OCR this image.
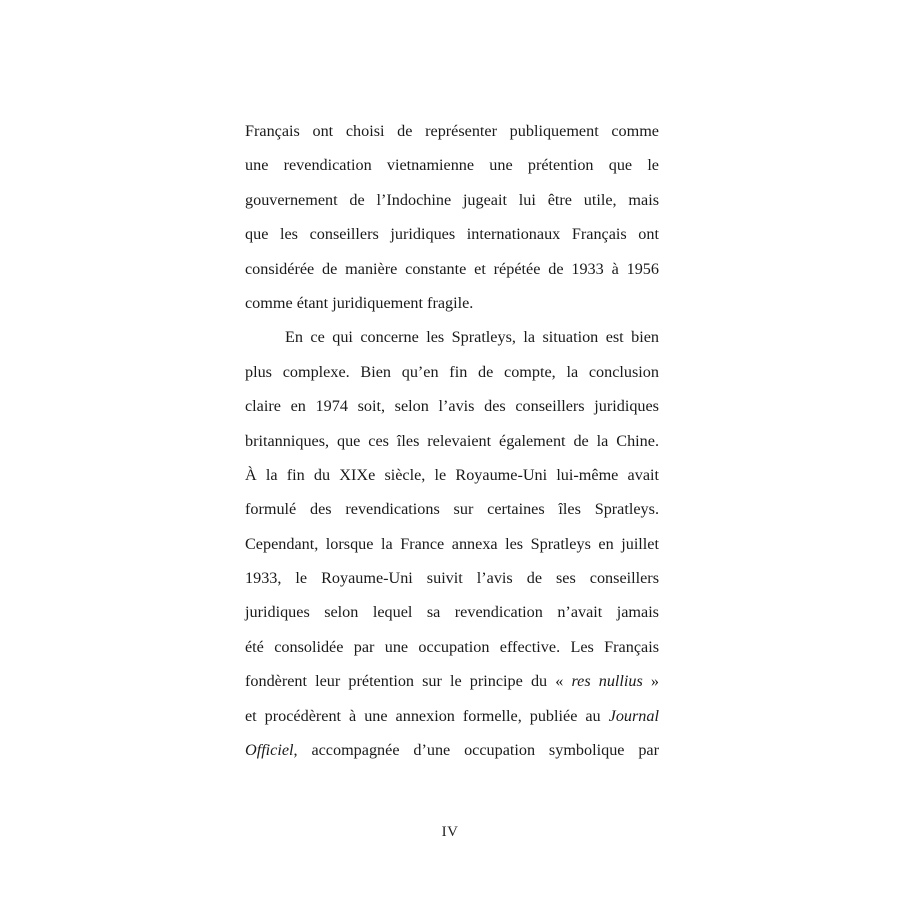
Français ont choisi de représenter publiquement comme
une revendication vietnamienne une prétention que le
gouvernement de l’Indochine jugeait lui être utile, mais
que les conseillers juridiques internationaux Français ont
considérée de manière constante et répétée de 1933 à 1956
comme étant juridiquement fragile.
En ce qui concerne les Spratleys, la situation est bien
plus complexe. Bien qu’en fin de compte, la conclusion
claire en 1974 soit, selon l’avis des conseillers juridiques
britanniques, que ces îles relevaient également de la Chine.
À la fin du XIXe siècle, le Royaume-Uni lui-même avait
formulé des revendications sur certaines îles Spratleys.
Cependant, lorsque la France annexa les Spratleys en juillet
1933, le Royaume-Uni suivit l’avis de ses conseillers
juridiques selon lequel sa revendication n’avait jamais
été consolidée par une occupation effective. Les Français
fondèrent leur prétention sur le principe du « res nullius »
et procédèrent à une annexion formelle, publiée au Journal
Officiel, accompagnée d’une occupation symbolique par
IV
